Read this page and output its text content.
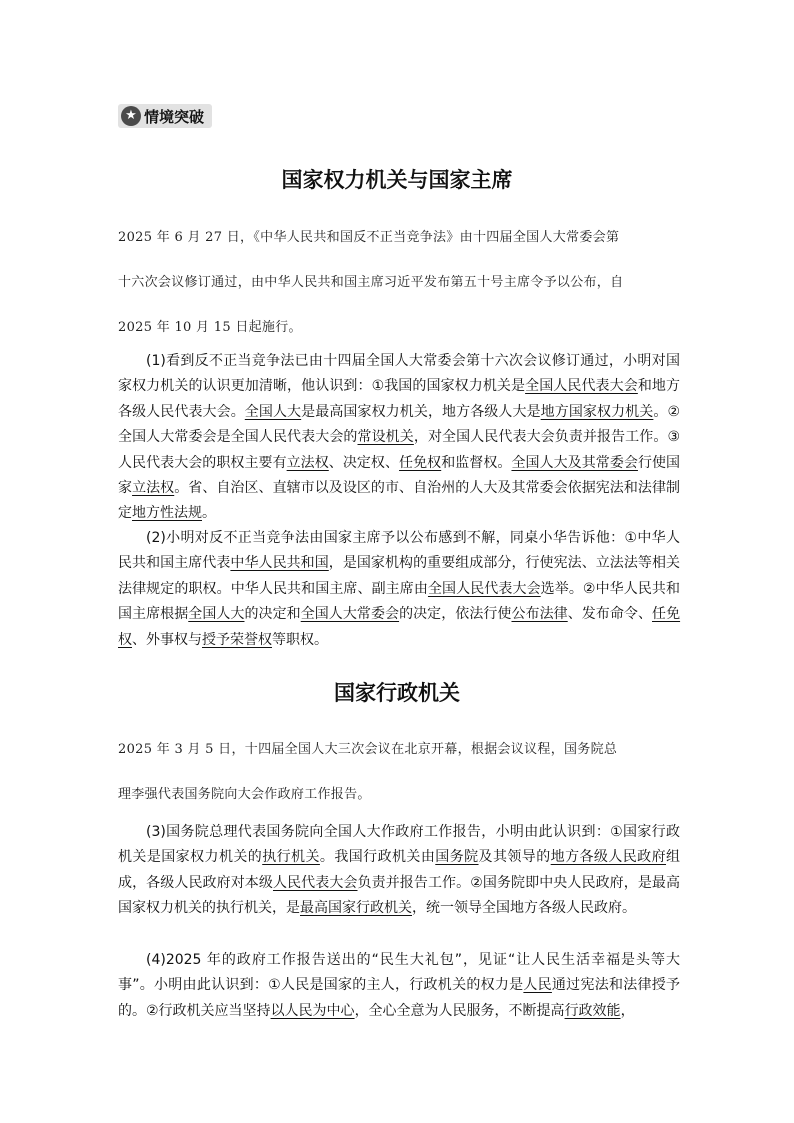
★ 情境突破
国家权力机关与国家主席
2025 年 6 月 27 日，《中华人民共和国反不正当竞争法》由十四届全国人大常委会第
十六次会议修订通过，由中华人民共和国主席习近平发布第五十号主席令予以公布，自
2025 年 10 月 15 日起施行。

(1)看到反不正当竞争法已由十四届全国人大常委会第十六次会议修订通过，小明对国家权力机关的认识更加清晰，他认识到：①我国的国家权力机关是全国人民代表大会和地方各级人民代表大会。全国人大是最高国家权力机关，地方各级人大是地方国家权力机关。②全国人大常委会是全国人民代表大会的常设机关，对全国人民代表大会负责并报告工作。③人民代表大会的职权主要有立法权、决定权、任免权和监督权。全国人大及其常委会行使国家立法权。省、自治区、直辖市以及设区的市、自治州的人大及其常委会依据宪法和法律制定地方性法规。

(2)小明对反不正当竞争法由国家主席予以公布感到不解，同桌小华告诉他：①中华人民共和国主席代表中华人民共和国，是国家机构的重要组成部分，行使宪法、立法法等相关法律规定的职权。中华人民共和国主席、副主席由全国人民代表大会选举。②中华人民共和国主席根据全国人大的决定和全国人大常委会的决定，依法行使公布法律、发布命令、任免权、外事权与授予荣誉权等职权。

国家行政机关
2025 年 3 月 5 日，十四届全国人大三次会议在北京开幕，根据会议议程，国务院总
理李强代表国务院向大会作政府工作报告。

(3)国务院总理代表国务院向全国人大作政府工作报告，小明由此认识到：①国家行政机关是国家权力机关的执行机关。我国行政机关由国务院及其领导的地方各级人民政府组成，各级人民政府对本级人民代表大会负责并报告工作。②国务院即中央人民政府，是最高国家权力机关的执行机关，是最高国家行政机关，统一领导全国地方各级人民政府。

(4)2025 年的政府工作报告送出的“民生大礼包”，见证“让人民生活幸福是头等大事”。小明由此认识到：①人民是国家的主人，行政机关的权力是人民通过宪法和法律授予的。②行政机关应当坚持以人民为中心，全心全意为人民服务，不断提高行政效能，
